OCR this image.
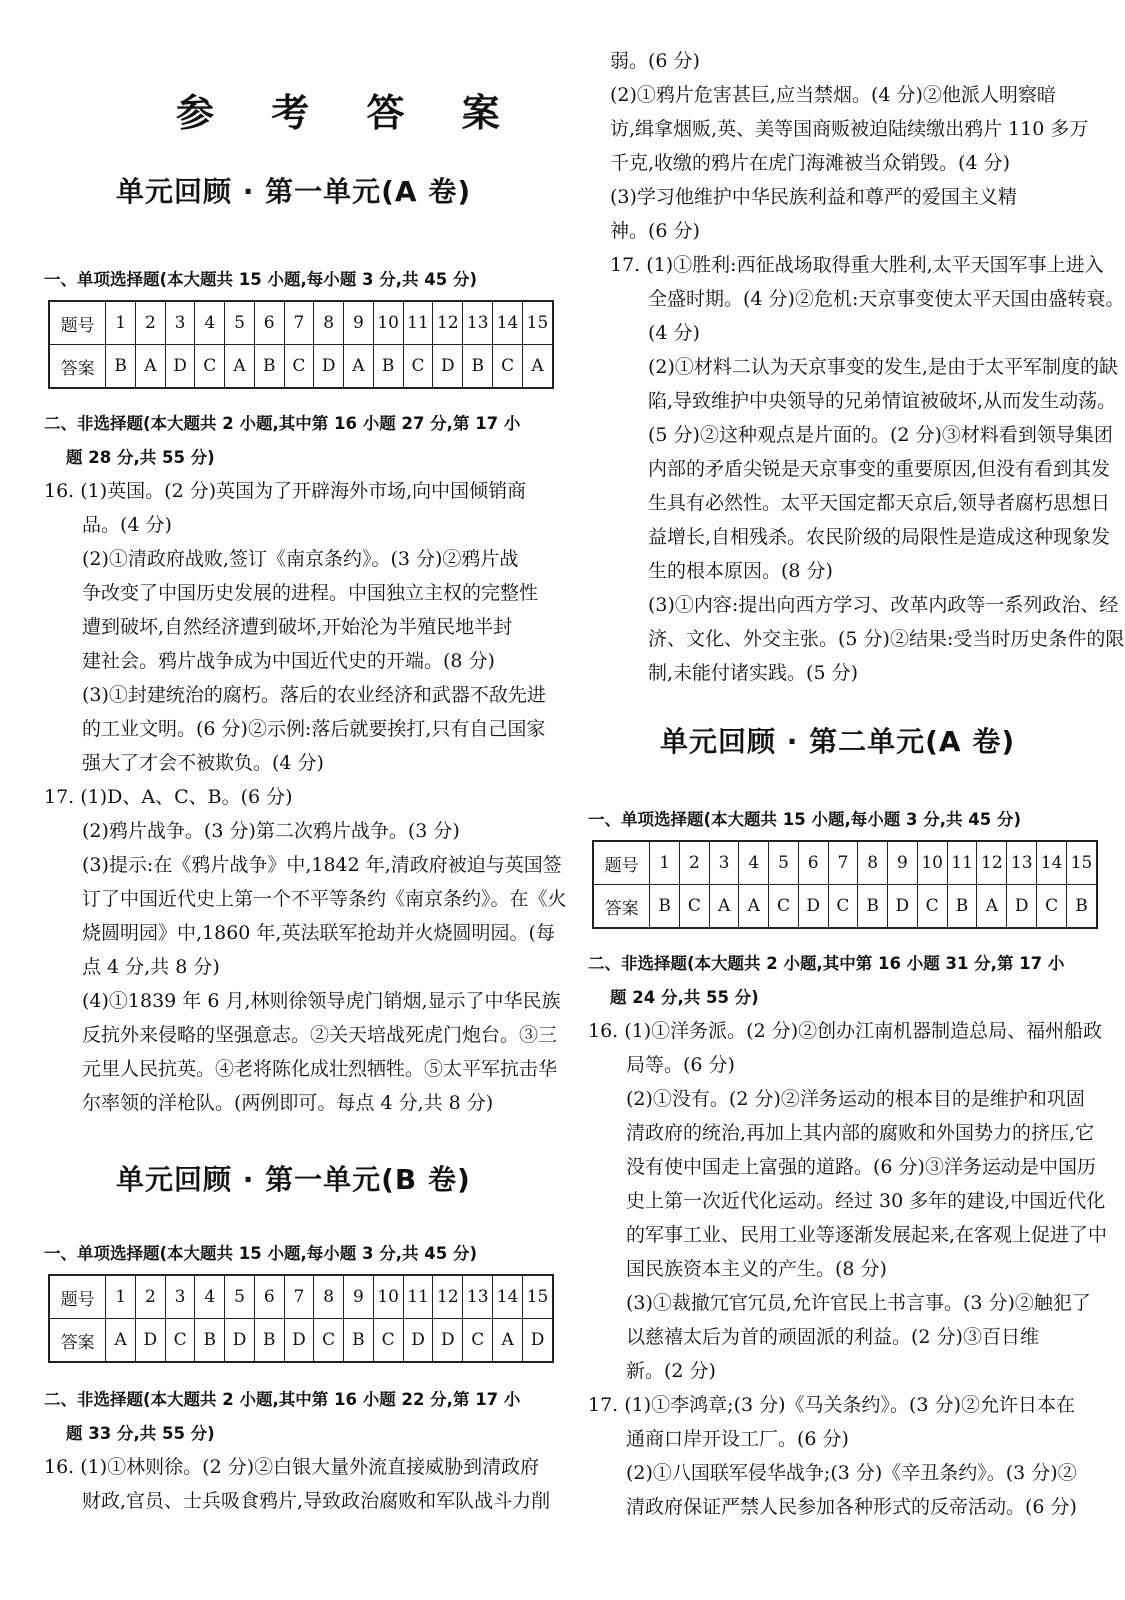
参 考 答 案
单元回顾 · 第一单元(A 卷)
一、单项选择题(本大题共 15 小题,每小题 3 分,共 45 分)
题号	1	2	3	4	5	6	7	8	9	10	11	12	13	14	15
答案	B	A	D	C	A	B	C	D	A	B	C	D	B	C	A
二、非选择题(本大题共 2 小题,其中第 16 小题 27 分,第 17 小
题 28 分,共 55 分)
16. (1)英国。(2 分)英国为了开辟海外市场,向中国倾销商
  品。(4 分)
  (2)①清政府战败,签订《南京条约》。(3 分)②鸦片战
  争改变了中国历史发展的进程。中国独立主权的完整性
  遭到破坏,自然经济遭到破坏,开始沦为半殖民地半封
  建社会。鸦片战争成为中国近代史的开端。(8 分)
  (3)①封建统治的腐朽。落后的农业经济和武器不敌先进
  的工业文明。(6 分)②示例:落后就要挨打,只有自己国家
  强大了才会不被欺负。(4 分)
17. (1)D、A、C、B。(6 分)
  (2)鸦片战争。(3 分)第二次鸦片战争。(3 分)
  (3)提示:在《鸦片战争》中,1842 年,清政府被迫与英国签
  订了中国近代史上第一个不平等条约《南京条约》。在《火
  烧圆明园》中,1860 年,英法联军抢劫并火烧圆明园。(每
  点 4 分,共 8 分)
  (4)①1839 年 6 月,林则徐领导虎门销烟,显示了中华民族
  反抗外来侵略的坚强意志。②关天培战死虎门炮台。③三
  元里人民抗英。④老将陈化成壮烈牺牲。⑤太平军抗击华
  尔率领的洋枪队。(两例即可。每点 4 分,共 8 分)
单元回顾 · 第一单元(B 卷)
一、单项选择题(本大题共 15 小题,每小题 3 分,共 45 分)
题号	1	2	3	4	5	6	7	8	9	10	11	12	13	14	15
答案	A	D	C	B	D	B	D	C	B	C	D	D	C	A	D
二、非选择题(本大题共 2 小题,其中第 16 小题 22 分,第 17 小
题 33 分,共 55 分)
16. (1)①林则徐。(2 分)②白银大量外流直接威胁到清政府
  财政,官员、士兵吸食鸦片,导致政治腐败和军队战斗力削
弱。(6 分)
(2)①鸦片危害甚巨,应当禁烟。(4 分)②他派人明察暗
访,缉拿烟贩,英、美等国商贩被迫陆续缴出鸦片 110 多万
千克,收缴的鸦片在虎门海滩被当众销毁。(4 分)
(3)学习他维护中华民族利益和尊严的爱国主义精
神。(6 分)
17. (1)①胜利:西征战场取得重大胜利,太平天国军事上进入
  全盛时期。(4 分)②危机:天京事变使太平天国由盛转衰。
  (4 分)
  (2)①材料二认为天京事变的发生,是由于太平军制度的缺
  陷,导致维护中央领导的兄弟情谊被破坏,从而发生动荡。
  (5 分)②这种观点是片面的。(2 分)③材料看到领导集团
  内部的矛盾尖锐是天京事变的重要原因,但没有看到其发
  生具有必然性。太平天国定都天京后,领导者腐朽思想日
  益增长,自相残杀。农民阶级的局限性是造成这种现象发
  生的根本原因。(8 分)
  (3)①内容:提出向西方学习、改革内政等一系列政治、经
  济、文化、外交主张。(5 分)②结果:受当时历史条件的限
  制,未能付诸实践。(5 分)
单元回顾 · 第二单元(A 卷)
一、单项选择题(本大题共 15 小题,每小题 3 分,共 45 分)
题号	1	2	3	4	5	6	7	8	9	10	11	12	13	14	15
答案	B	C	A	A	C	D	C	B	D	C	B	A	D	C	B
二、非选择题(本大题共 2 小题,其中第 16 小题 31 分,第 17 小
题 24 分,共 55 分)
16. (1)①洋务派。(2 分)②创办江南机器制造总局、福州船政
  局等。(6 分)
  (2)①没有。(2 分)②洋务运动的根本目的是维护和巩固
  清政府的统治,再加上其内部的腐败和外国势力的挤压,它
  没有使中国走上富强的道路。(6 分)③洋务运动是中国历
  史上第一次近代化运动。经过 30 多年的建设,中国近代化
  的军事工业、民用工业等逐渐发展起来,在客观上促进了中
  国民族资本主义的产生。(8 分)
  (3)①裁撤冗官冗员,允许官民上书言事。(3 分)②触犯了
  以慈禧太后为首的顽固派的利益。(2 分)③百日维
  新。(2 分)
17. (1)①李鸿章;(3 分)《马关条约》。(3 分)②允许日本在
  通商口岸开设工厂。(6 分)
  (2)①八国联军侵华战争;(3 分)《辛丑条约》。(3 分)②
  清政府保证严禁人民参加各种形式的反帝活动。(6 分)
